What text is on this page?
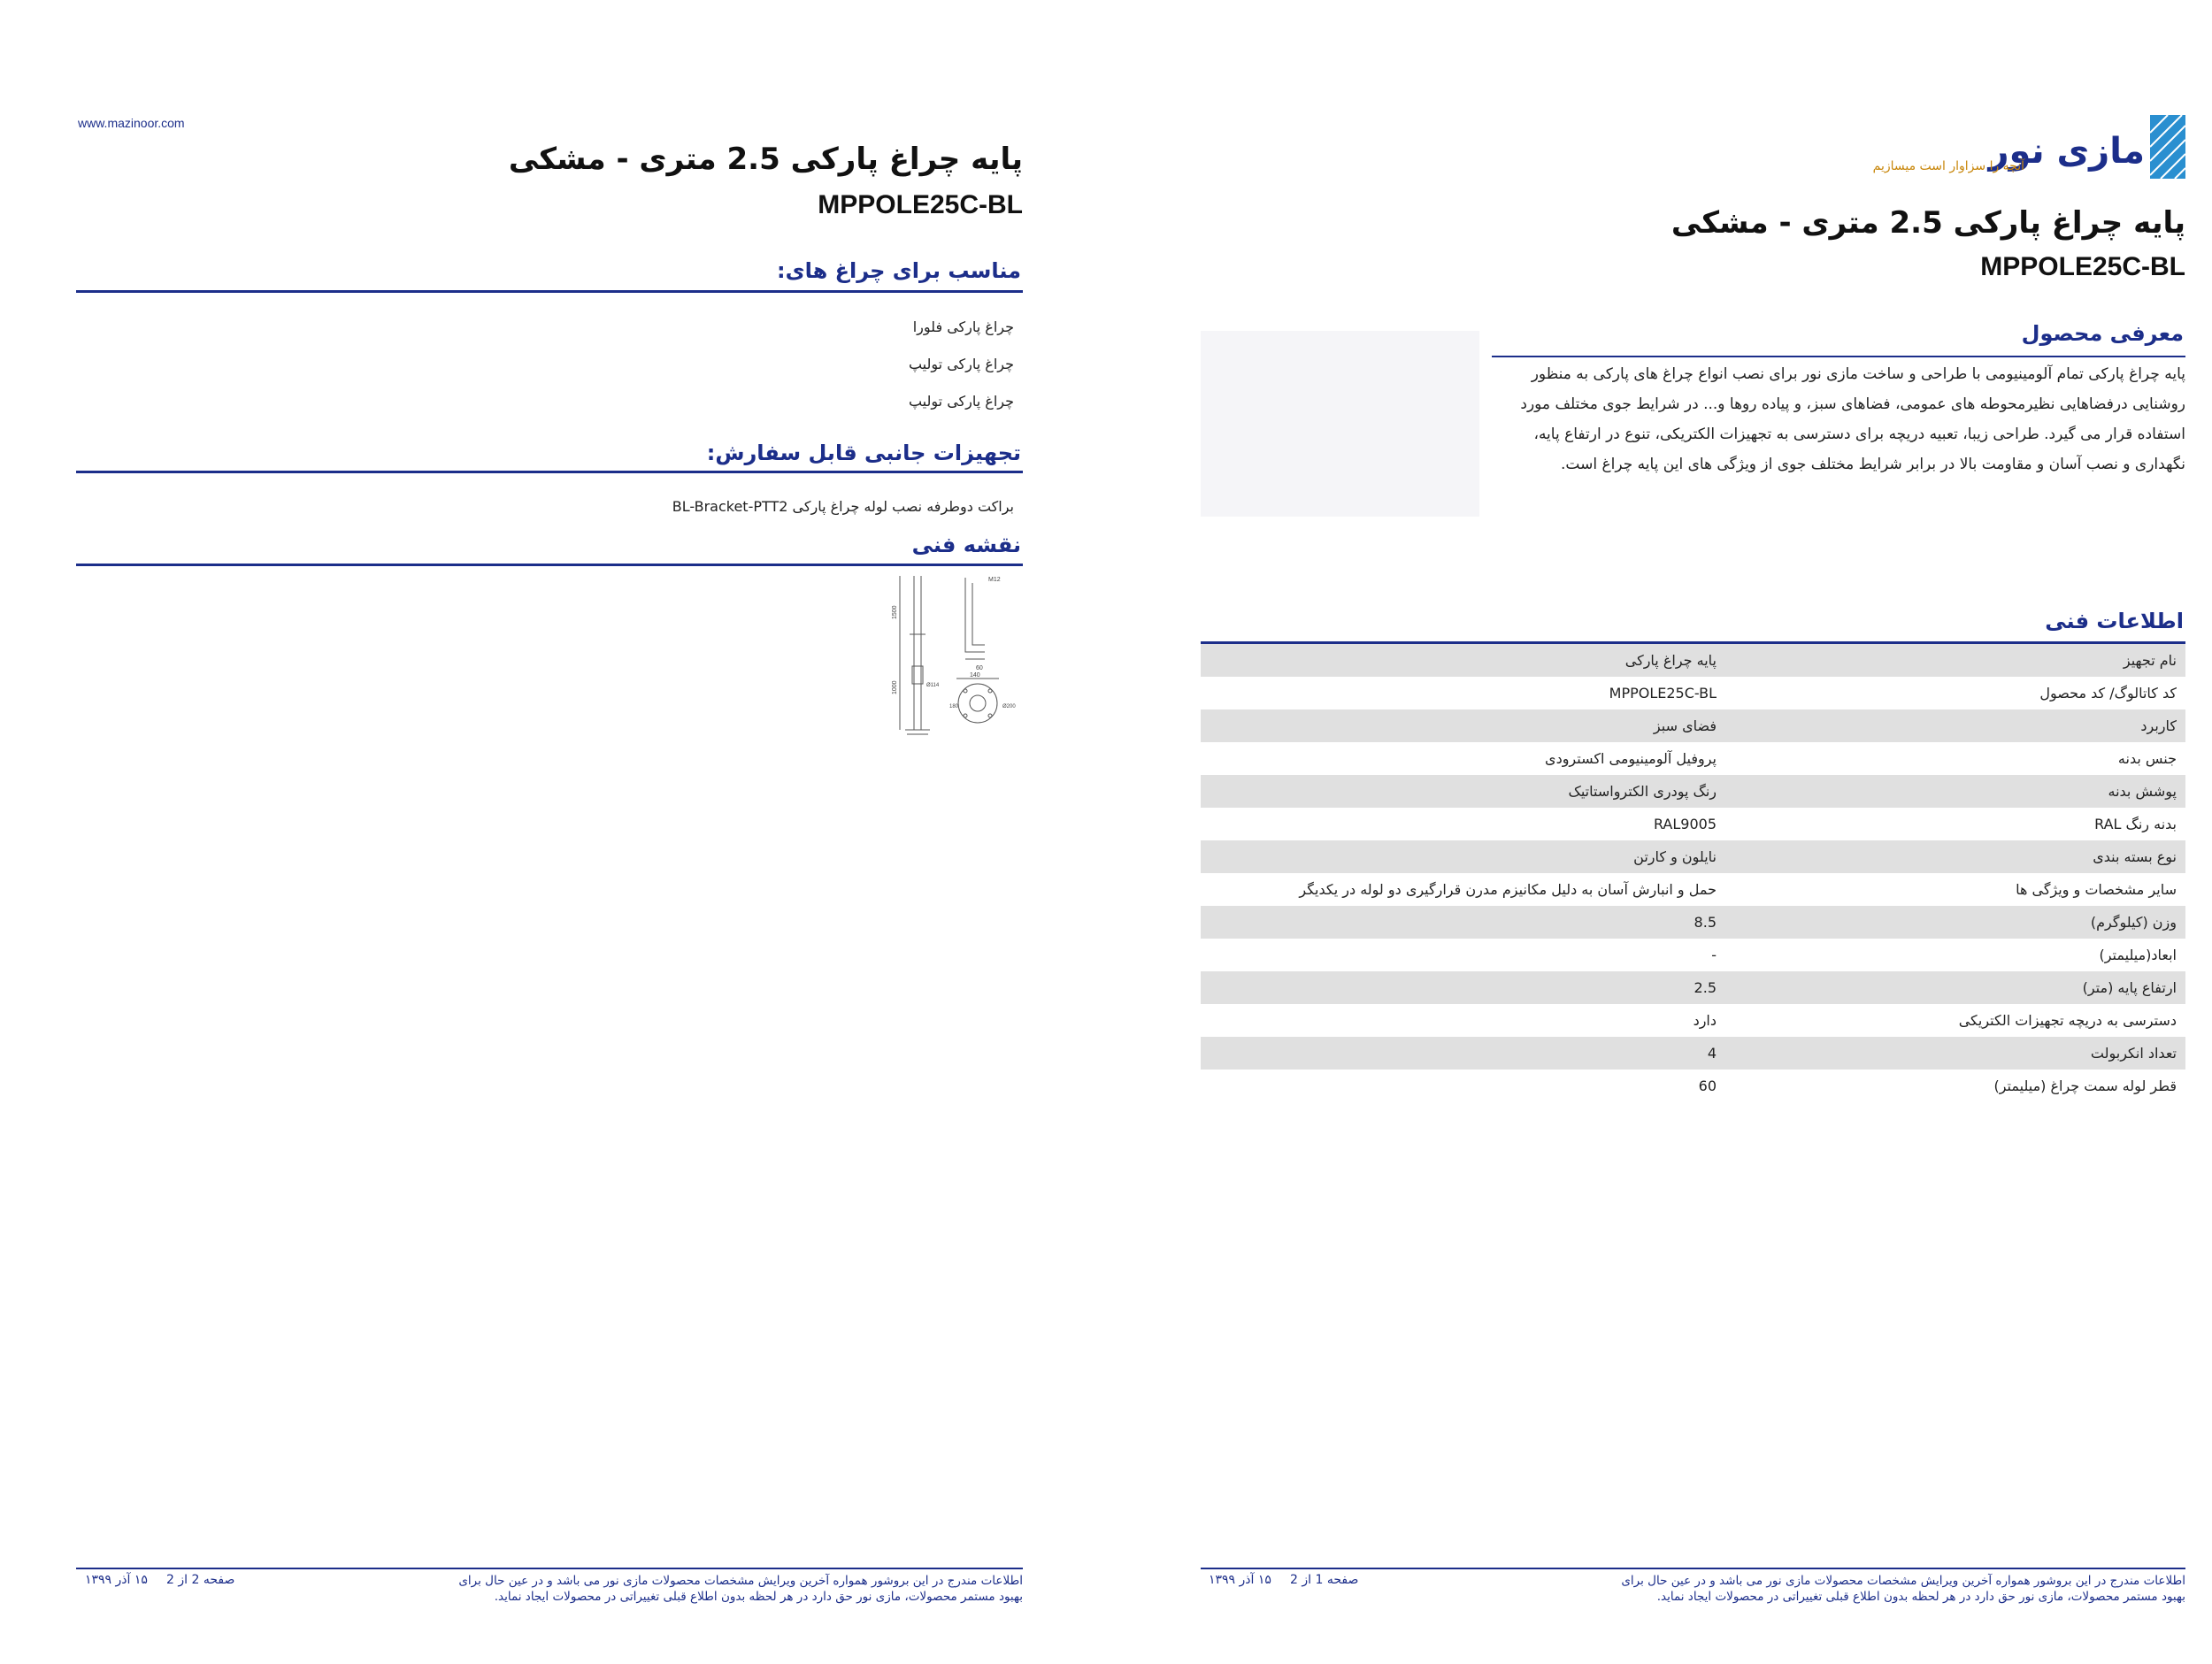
www.mazinoor.com
پایه چراغ پارکی 2.5 متری - مشکی
MPPOLE25C-BL
مناسب برای چراغ های:
چراغ پارکی فلورا
چراغ پارکی تولیپ
چراغ پارکی تولیپ
تجهیزات جانبی قابل سفارش:
براکت دوطرفه نصب لوله چراغ پارکی BL-Bracket-PTT2
نقشه فنی
1500
1000
M12
60
Ø114
140
Ø200
180
اطلاعات مندرج در این بروشور همواره آخرین ویرایش مشخصات محصولات مازی نور می باشد و در عین حال برای بهبود مستمر محصولات، مازی نور حق دارد در هر لحظه بدون اطلاع قبلی تغییراتی در محصولات ایجاد نماید.
صفحه 2 از 2
۱۵ آذر ۱۳۹۹
مازی نور
آنچه را سزاوار است میسازیم
پایه چراغ پارکی 2.5 متری - مشکی
MPPOLE25C-BL
معرفی محصول
پایه چراغ پارکی تمام آلومینیومی با طراحی و ساخت مازی نور برای نصب انواع چراغ های پارکی به منظور روشنایی درفضاهایی نظیرمحوطه های عمومی، فضاهای سبز، و پیاده روها و... در شرایط جوی مختلف مورد استفاده قرار می گیرد. طراحی زیبا، تعبیه دریچه برای دسترسی به تجهیزات الکتریکی، تنوع در ارتفاع پایه، نگهداری و نصب آسان و مقاومت بالا در برابر شرایط مختلف جوی از ویژگی های این پایه چراغ است.
اطلاعات فنی
نام تجهیز	پایه چراغ پارکی
کد کاتالوگ/ کد محصول	MPPOLE25C-BL
کاربرد	فضای سبز
جنس بدنه	پروفیل آلومینیومی اکسترودی
پوشش بدنه	رنگ پودری الکترواستاتیک
بدنه رنگ RAL	RAL9005
نوع بسته بندی	نایلون و کارتن
سایر مشخصات و ویژگی ها	حمل و انبارش آسان به دلیل مکانیزم مدرن قرارگیری دو لوله در یکدیگر
وزن (کیلوگرم)	8.5
ابعاد(میلیمتر)	-
ارتفاع پایه (متر)	2.5
دسترسی به دریچه تجهیزات الکتریکی	دارد
تعداد انکربولت	4
قطر لوله سمت چراغ (میلیمتر)	60
اطلاعات مندرج در این بروشور همواره آخرین ویرایش مشخصات محصولات مازی نور می باشد و در عین حال برای بهبود مستمر محصولات، مازی نور حق دارد در هر لحظه بدون اطلاع قبلی تغییراتی در محصولات ایجاد نماید.
صفحه 1 از 2
۱۵ آذر ۱۳۹۹
